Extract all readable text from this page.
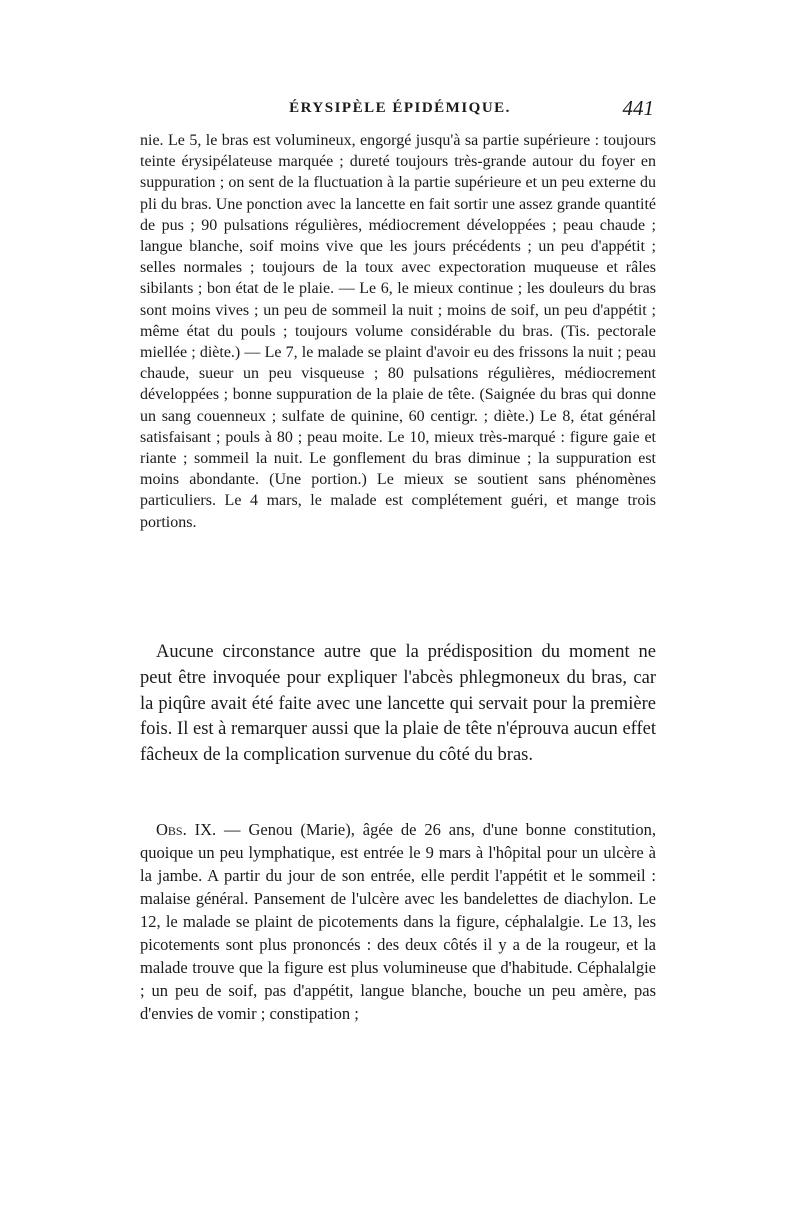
ÉRYSIPÈLE ÉPIDÉMIQUE.	441

nie. Le 5, le bras est volumineux, engorgé jusqu'à sa partie supérieure : toujours teinte érysipélateuse marquée ; dureté toujours très-grande autour du foyer en suppuration ; on sent de la fluctuation à la partie supérieure et un peu externe du pli du bras. Une ponction avec la lancette en fait sortir une assez grande quantité de pus ; 90 pulsations régulières, médiocrement développées ; peau chaude ; langue blanche, soif moins vive que les jours précédents ; un peu d'appétit ; selles normales ; toujours de la toux avec expectoration muqueuse et râles sibilants ; bon état de le plaie. — Le 6, le mieux continue ; les douleurs du bras sont moins vives ; un peu de sommeil la nuit ; moins de soif, un peu d'appétit ; même état du pouls ; toujours volume considérable du bras. (Tis. pectorale miellée ; diète.) — Le 7, le malade se plaint d'avoir eu des frissons la nuit ; peau chaude, sueur un peu visqueuse ; 80 pulsations régulières, médiocrement développées ; bonne suppuration de la plaie de tête. (Saignée du bras qui donne un sang couenneux ; sulfate de quinine, 60 centigr. ; diète.) Le 8, état général satisfaisant ; pouls à 80 ; peau moite. Le 10, mieux très-marqué : figure gaie et riante ; sommeil la nuit. Le gonflement du bras diminue ; la suppuration est moins abondante. (Une portion.) Le mieux se soutient sans phénomènes particuliers. Le 4 mars, le malade est complétement guéri, et mange trois portions.

Aucune circonstance autre que la prédisposition du moment ne peut être invoquée pour expliquer l'abcès phlegmoneux du bras, car la piqûre avait été faite avec une lancette qui servait pour la première fois. Il est à remarquer aussi que la plaie de tête n'éprouva aucun effet fâcheux de la complication survenue du côté du bras.

Obs. IX. — Genou (Marie), âgée de 26 ans, d'une bonne constitution, quoique un peu lymphatique, est entrée le 9 mars à l'hôpital pour un ulcère à la jambe. A partir du jour de son entrée, elle perdit l'appétit et le sommeil : malaise général. Pansement de l'ulcère avec les bandelettes de diachylon. Le 12, le malade se plaint de picotements dans la figure, céphalalgie. Le 13, les picotements sont plus prononcés : des deux côtés il y a de la rougeur, et la malade trouve que la figure est plus volumineuse que d'habitude. Céphalalgie ; un peu de soif, pas d'appétit, langue blanche, bouche un peu amère, pas d'envies de vomir ; constipation ;
